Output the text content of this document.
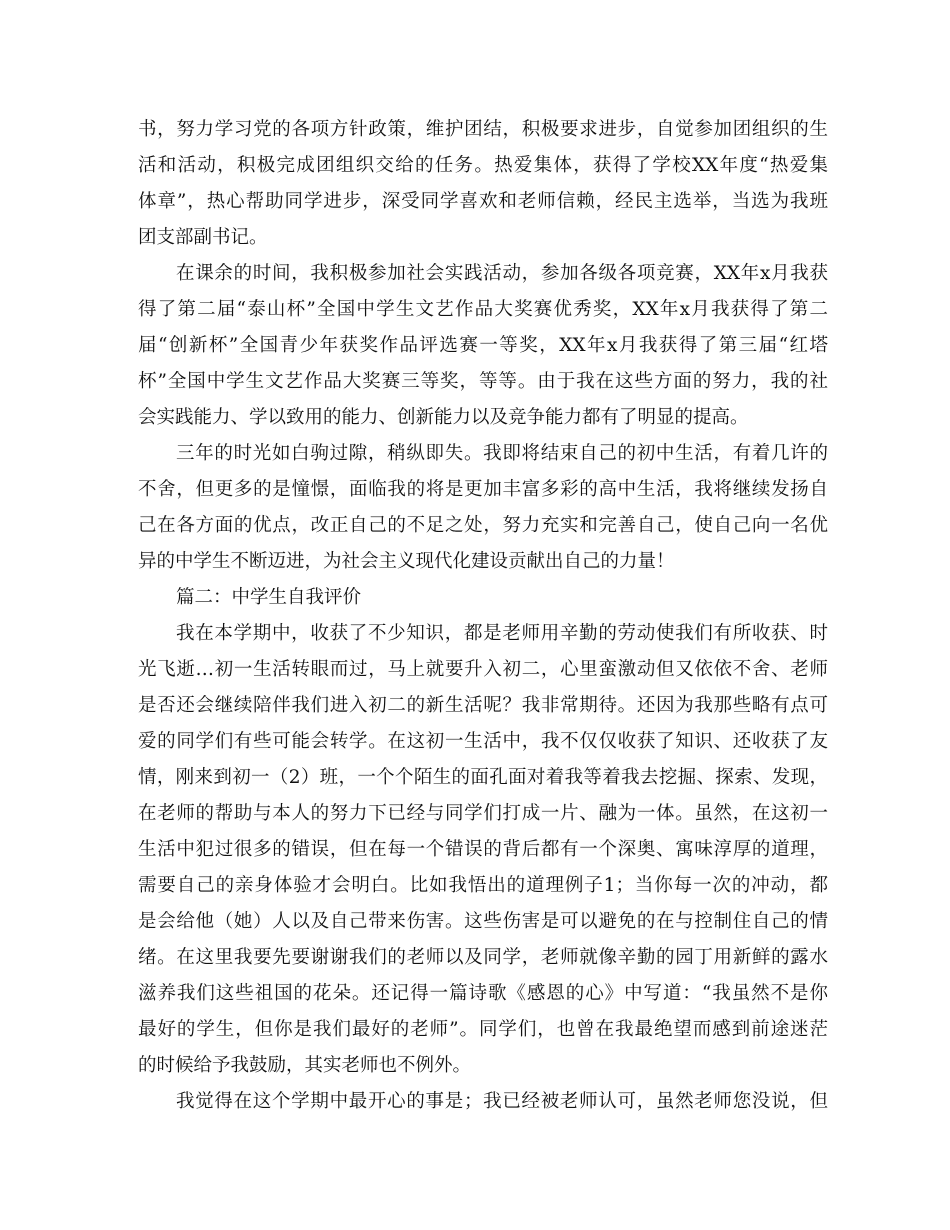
书，努力学习党的各项方针政策，维护团结，积极要求进步，自觉参加团组织的生
活和活动，积极完成团组织交给的任务。热爱集体，获得了学校XX年度“热爱集
体章”，热心帮助同学进步，深受同学喜欢和老师信赖，经民主选举，当选为我班
团支部副书记。
在课余的时间，我积极参加社会实践活动，参加各级各项竞赛，XX年x月我获
得了第二届“泰山杯”全国中学生文艺作品大奖赛优秀奖，XX年x月我获得了第二
届“创新杯”全国青少年获奖作品评选赛一等奖，XX年x月我获得了第三届“红塔
杯”全国中学生文艺作品大奖赛三等奖，等等。由于我在这些方面的努力，我的社
会实践能力、学以致用的能力、创新能力以及竞争能力都有了明显的提高。
三年的时光如白驹过隙，稍纵即失。我即将结束自己的初中生活，有着几许的
不舍，但更多的是憧憬，面临我的将是更加丰富多彩的高中生活，我将继续发扬自
己在各方面的优点，改正自己的不足之处，努力充实和完善自己，使自己向一名优
异的中学生不断迈进，为社会主义现代化建设贡献出自己的力量！
篇二：中学生自我评价
我在本学期中，收获了不少知识，都是老师用辛勤的劳动使我们有所收获、时
光飞逝…初一生活转眼而过，马上就要升入初二，心里蛮激动但又依依不舍、老师
是否还会继续陪伴我们进入初二的新生活呢？我非常期待。还因为我那些略有点可
爱的同学们有些可能会转学。在这初一生活中，我不仅仅收获了知识、还收获了友
情，刚来到初一（2）班，一个个陌生的面孔面对着我等着我去挖掘、探索、发现，
在老师的帮助与本人的努力下已经与同学们打成一片、融为一体。虽然，在这初一
生活中犯过很多的错误，但在每一个错误的背后都有一个深奥、寓味淳厚的道理，
需要自己的亲身体验才会明白。比如我悟出的道理例子1；当你每一次的冲动，都
是会给他（她）人以及自己带来伤害。这些伤害是可以避免的在与控制住自己的情
绪。在这里我要先要谢谢我们的老师以及同学，老师就像辛勤的园丁用新鲜的露水
滋养我们这些祖国的花朵。还记得一篇诗歌《感恩的心》中写道：“我虽然不是你
最好的学生，但你是我们最好的老师”。同学们，也曾在我最绝望而感到前途迷茫
的时候给予我鼓励，其实老师也不例外。
我觉得在这个学期中最开心的事是；我已经被老师认可，虽然老师您没说，但
